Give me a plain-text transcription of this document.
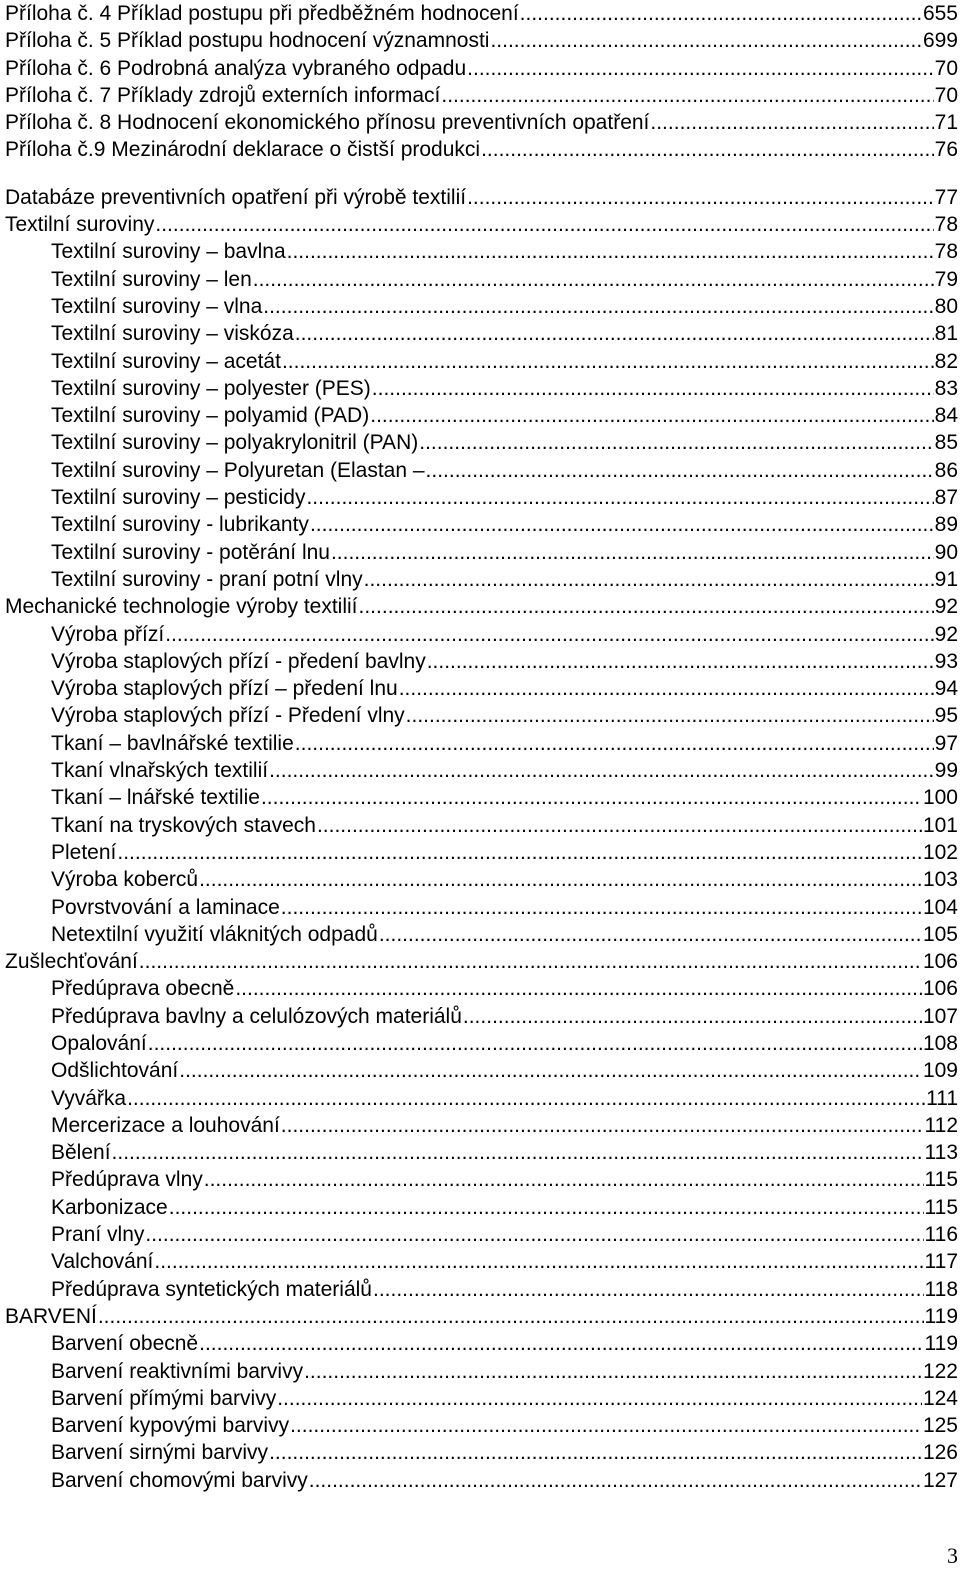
Příloha č. 4 Příklad postupu při předběžném hodnocení .....	655
Příloha č. 5 Příklad postupu hodnocení významnosti .....	699
Příloha č. 6 Podrobná analýza vybraného odpadu .....	70
Příloha č. 7 Příklady zdrojů externích informací .....	70
Příloha č. 8 Hodnocení ekonomického přínosu preventivních opatření .....	71
Příloha č.9 Mezinárodní deklarace o čistší produkci .....	76
Databáze preventivních opatření při výrobě textilií .....	77
Textilní suroviny .....	78
Textilní suroviny – bavlna .....	78
Textilní suroviny – len .....	79
Textilní suroviny – vlna .....	80
Textilní suroviny – viskóza .....	81
Textilní suroviny – acetát .....	82
Textilní suroviny – polyester (PES) .....	83
Textilní suroviny – polyamid (PAD) .....	84
Textilní suroviny – polyakrylonitril (PAN) .....	85
Textilní suroviny – Polyuretan (Elastan – .....	86
Textilní suroviny – pesticidy .....	87
Textilní suroviny - lubrikanty .....	89
Textilní suroviny - potěrání lnu .....	90
Textilní suroviny - praní potní vlny .....	91
Mechanické technologie výroby textilií .....	92
Výroba přízí .....	92
Výroba staplových přízí - předení bavlny .....	93
Výroba staplových přízí – předení lnu .....	94
Výroba staplových přízí - Předení vlny .....	95
Tkaní – bavlnářské textilie .....	97
Tkaní vlnařských textilií .....	99
Tkaní – lnářské textilie .....	100
Tkaní na tryskových stavech .....	101
Pletení .....	102
Výroba koberců .....	103
Povrstvování a laminace .....	104
Netextilní využití vláknitých odpadů .....	105
Zušlechťování .....	106
Předúprava obecně .....	106
Předúprava bavlny a celulózových materiálů .....	107
Opalování .....	108
Odšlichtování .....	109
Vyvářka .....	111
Mercerizace a louhování .....	112
Bělení .....	113
Předúprava vlny .....	115
Karbonizace .....	115
Praní vlny .....	116
Valchování .....	117
Předúprava syntetických materiálů .....	118
BARVENÍ .....	119
Barvení obecně .....	119
Barvení reaktivními barvivy .....	122
Barvení přímými barvivy .....	124
Barvení kypovými barvivy .....	125
Barvení sirnými barvivy .....	126
Barvení chomovými barvivy .....	127
3
